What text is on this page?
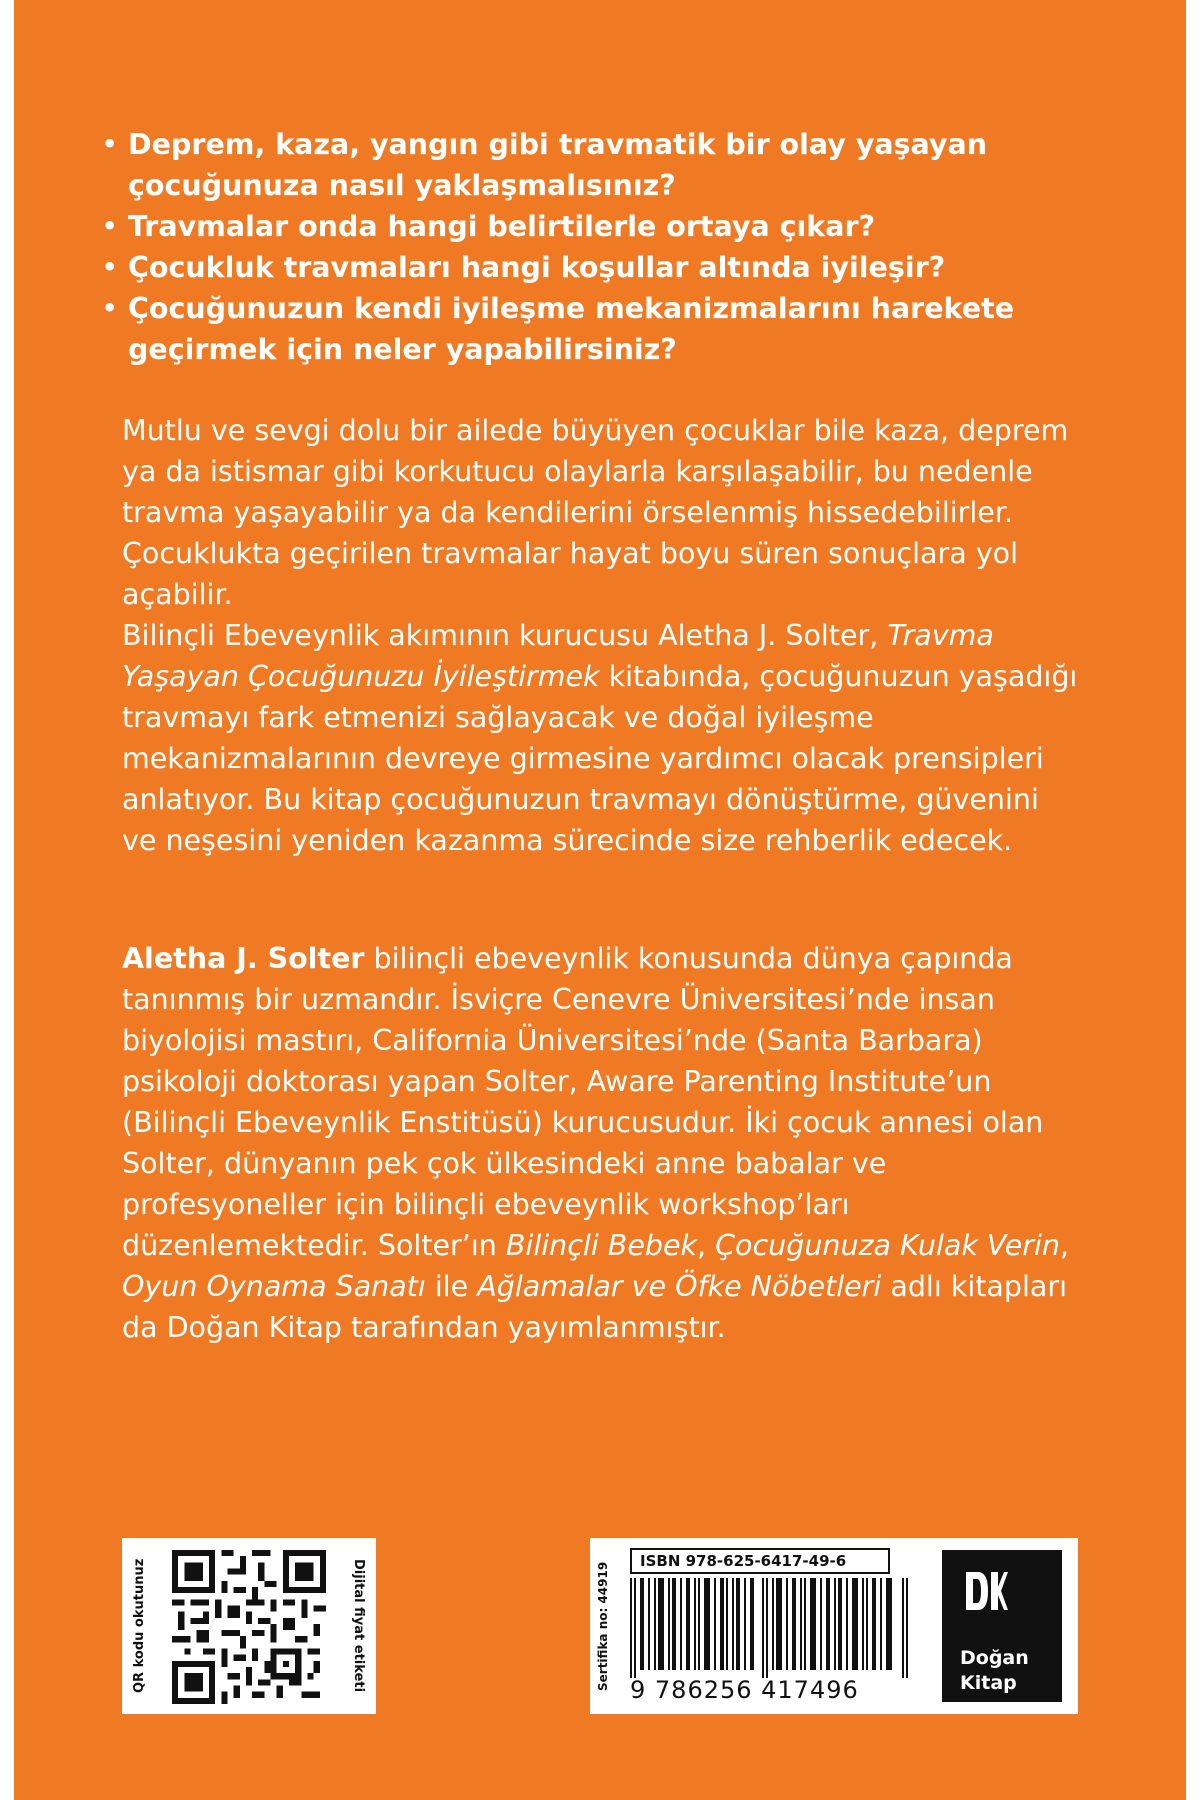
• Deprem, kaza, yangın gibi travmatik bir olay yaşayan çocuğunuza nasıl yaklaşmalısınız?
• Travmalar onda hangi belirtilerle ortaya çıkar?
• Çocukluk travmaları hangi koşullar altında iyileşir?
• Çocuğunuzun kendi iyileşme mekanizmalarını harekete geçirmek için neler yapabilirsiniz?

Mutlu ve sevgi dolu bir ailede büyüyen çocuklar bile kaza, deprem ya da istismar gibi korkutucu olaylarla karşılaşabilir, bu nedenle travma yaşayabilir ya da kendilerini örselenmiş hissedebilirler. Çocuklukta geçirilen travmalar hayat boyu süren sonuçlara yol açabilir.

Bilinçli Ebeveynlik akımının kurucusu Aletha J. Solter, Travma Yaşayan Çocuğunuzu İyileştirmek kitabında, çocuğunuzun yaşadığı travmayı fark etmenizi sağlayacak ve doğal iyileşme mekanizmalarının devreye girmesine yardımcı olacak prensipleri anlatıyor. Bu kitap çocuğunuzun travmayı dönüştürme, güvenini ve neşesini yeniden kazanma sürecinde size rehberlik edecek.

Aletha J. Solter bilinçli ebeveynlik konusunda dünya çapında tanınmış bir uzmandır. İsviçre Cenevre Üniversitesi’nde insan biyolojisi mastırı, California Üniversitesi’nde (Santa Barbara) psikoloji doktorası yapan Solter, Aware Parenting Institute’un (Bilinçli Ebeveynlik Enstitüsü) kurucusudur. İki çocuk annesi olan Solter, dünyanın pek çok ülkesindeki anne babalar ve profesyoneller için bilinçli ebeveynlik workshop’ları düzenlemektedir. Solter’ın Bilinçli Bebek, Çocuğunuza Kulak Verin, Oyun Oynama Sanatı ile Ağlamalar ve Öfke Nöbetleri adlı kitapları da Doğan Kitap tarafından yayımlanmıştır.

QR kodu okutunuz	Dijital fiyat etiketi	Sertifika no: 44919
ISBN 978-625-6417-49-6
9 786256 417496
Doğan
Kitap
